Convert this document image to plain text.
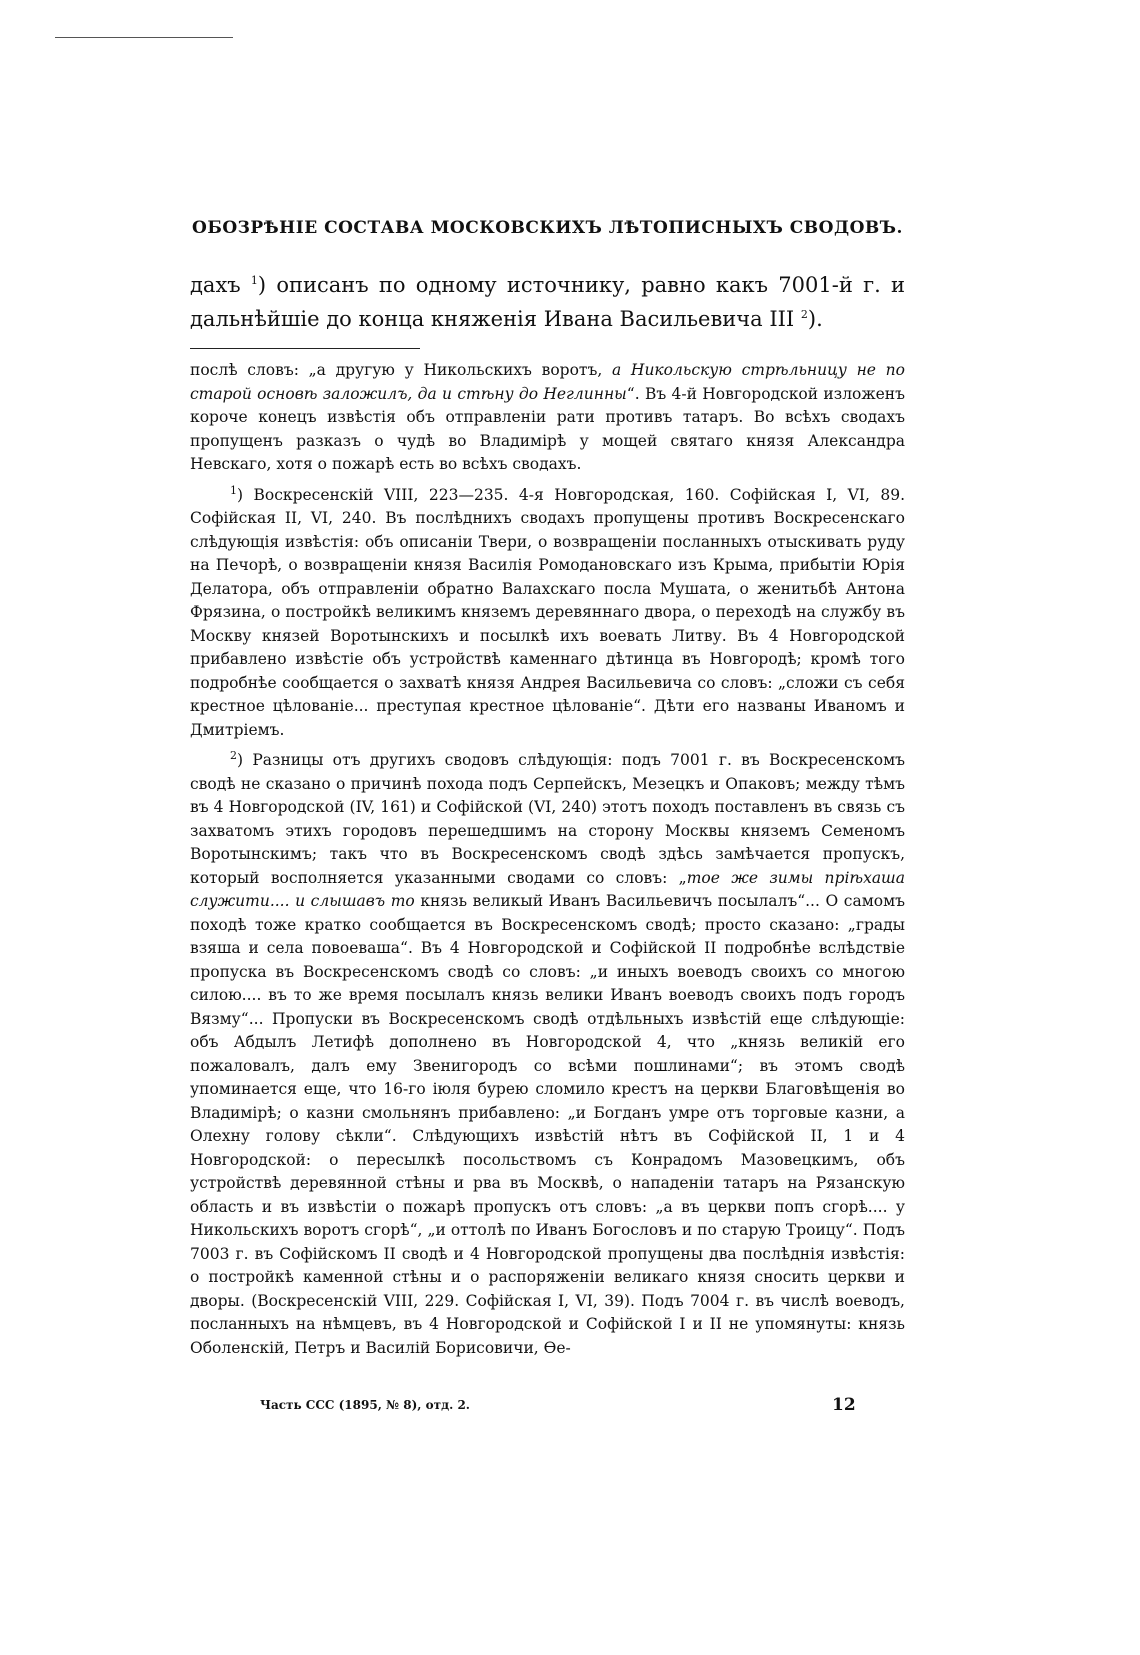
ОБОЗРѢНІЕ СОСТАВА МОСКОВСКИХЪ ЛѢТОПИСНЫХЪ СВОДОВЪ.

дахъ $^1$) описанъ по одному источнику, равно какъ 7001-й г. и дальнѣйшіе до конца княженія Ивана Васильевича III $^2$).

послѣ словъ: „а другую у Никольскихъ воротъ, а Никольскую стрѣльницу не по старой основѣ заложилъ, да и стѣну до Неглинны“. Въ 4-й Новгородской изложенъ короче конецъ извѣстія объ отправленіи рати противъ татаръ. Во всѣхъ сводахъ пропущенъ разказъ о чудѣ во Владимірѣ у мощей святаго князя Александра Невскаго, хотя о пожарѣ есть во всѣхъ сводахъ.

$^1$) Воскресенскій VIII, 223—235. 4-я Новгородская, 160. Софійская I, VI, 89. Софійская II, VI, 240. Въ послѣднихъ сводахъ пропущены противъ Воскресенскаго слѣдующія извѣстія: объ описаніи Твери, о возвращеніи посланныхъ отыскивать руду на Печорѣ, о возвращеніи князя Василія Ромодановскаго изъ Крыма, прибытіи Юрія Делатора, объ отправленіи обратно Валахскаго посла Мушата, о женитьбѣ Антона Фрязина, о постройкѣ великимъ княземъ деревяннаго двора, о переходѣ на службу въ Москву князей Воротынскихъ и посылкѣ ихъ воевать Литву. Въ 4 Новгородской прибавлено извѣстіе объ устройствѣ каменнаго дѣтинца въ Новгородѣ; кромѣ того подробнѣе сообщается о захватѣ князя Андрея Васильевича со словъ: „сложи съ себя крестное цѣлованіе... преступая крестное цѣлованіе“. Дѣти его названы Иваномъ и Дмитріемъ.

$^2$) Разницы отъ другихъ сводовъ слѣдующія: подъ 7001 г. въ Воскресенскомъ сводѣ не сказано о причинѣ похода подъ Серпейскъ, Мезецкъ и Опаковъ; между тѣмъ въ 4 Новгородской (IV, 161) и Софійской (VI, 240) этотъ походъ поставленъ въ связь съ захватомъ этихъ городовъ перешедшимъ на сторону Москвы княземъ Семеномъ Воротынскимъ; такъ что въ Воскресенскомъ сводѣ здѣсь замѣчается пропускъ, который восполняется указанными сводами со словъ: „тое же зимы пріѣхаша служити.... и слышавъ то князь великый Иванъ Васильевичъ посылалъ“... О самомъ походѣ тоже кратко сообщается въ Воскресенскомъ сводѣ; просто сказано: „грады взяша и села повоеваша“. Въ 4 Новгородской и Софійской II подробнѣе вслѣдствіе пропуска въ Воскресенскомъ сводѣ со словъ: „и иныхъ воеводъ своихъ со многою силою.... въ то же время посылалъ князь велики Иванъ воеводъ своихъ подъ городъ Вязму“... Пропуски въ Воскресенскомъ сводѣ отдѣльныхъ извѣстій еще слѣдующіе: объ Абдылъ Летифѣ дополнено въ Новгородской 4, что „князь великій его пожаловалъ, далъ ему Звенигородъ со всѣми пошлинами“; въ этомъ сводѣ упоминается еще, что 16-го іюля бурею сломило крестъ на церкви Благовѣщенія во Владимірѣ; о казни смольнянъ прибавлено: „и Богданъ умре отъ торговые казни, а Олехну голову сѣкли“. Слѣдующихъ извѣстій нѣтъ въ Софійской II, 1 и 4 Новгородской: о пересылкѣ посольствомъ съ Конрадомъ Мазовецкимъ, объ устройствѣ деревянной стѣны и рва въ Москвѣ, о нападеніи татаръ на Рязанскую область и въ извѣстіи о пожарѣ пропускъ отъ словъ: „а въ церкви попъ сгорѣ.... у Никольскихъ воротъ сгорѣ“, „и оттолѣ по Иванъ Богословъ и по старую Троицу“. Подъ 7003 г. въ Софійскомъ II сводѣ и 4 Новгородской пропущены два послѣднія извѣстія: о постройкѣ каменной стѣны и о распоряженіи великаго князя сносить церкви и дворы. (Воскресенскій VIII, 229. Софійская I, VI, 39). Подъ 7004 г. въ числѣ воеводъ, посланныхъ на нѣмцевъ, въ 4 Новгородской и Софійской I и II не упомянуты: князь Оболенскій, Петръ и Василій Борисовичи, Ѳе-

Часть CCC (1895, № 8), отд. 2.	12
